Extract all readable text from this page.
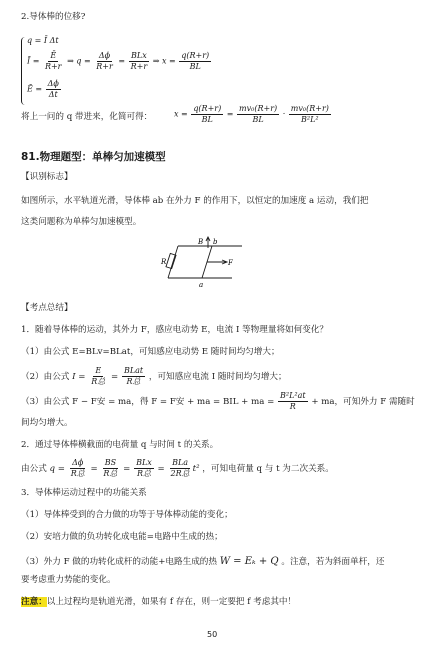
2.导体棒的位移?
q = Ī Δt
Ī = $\frac{Ē}{R+r}$ ⇒ $q = \frac{\Delta\phi}{R+r} = \frac{\text{BLx}}{R+r}$ ⇒ $x = \frac{q(R+r)}{BL}$
Ē = $\frac{\Delta\phi}{\Delta t}$
将上一问的 q 带进来，化简可得：	$x = \frac{q(R+r)}{BL} = \frac{\text{mv₀(R+r)}}{BL} \cdot \frac{\text{mv₀(R+r)}}{\text{B²L²}}$
81.物理题型：单棒匀加速模型
【识别标志】
如图所示，水平轨道光滑，导体棒 ab 在外力 F 的作用下，以恒定的加速度 a 运动，我们把
这类问题称为单棒匀加速模型。
R
B b
a
F
【考点总结】
1．随着导体棒的运动，其外力 F，感应电动势 E，电流 I 等物理量将如何变化？
（1）由公式 E=BLv=BLat，可知感应电动势 E 随时间均匀增大；
（2）由公式 $I = \frac{E}{\text{R总}} = \frac{\text{BLat}}{\text{R总}}$ ，可知感应电流 I 随时间均匀增大；
（3）由公式 F − F安 = ma，得 F = F安 + ma = BIL + ma = $\frac{\text{B²L²at}}{R}$ + ma，可知外力 F 需随时
间均匀增大。
2．通过导体棒横截面的电荷量 q 与时间 t 的关系。
由公式 $q = \frac{\Delta\phi}{\text{R总}} = \frac{BS}{\text{R总}} = \frac{\text{BLx}}{\text{R总}} = \frac{\text{BLa}}{\text{2R总}} t^2$ ，可知电荷量 q 与 t 为二次关系。
3．导体棒运动过程中的功能关系
（1）导体棒受到的合力做的功等于导体棒动能的变化；
（2）安培力做的负功转化成电能=电路中生成的热；
（3）外力 F 做的功转化成杆的动能+电路生成的热 W = Eₖ + Q 。注意，若为斜面单杆，还
要考虑重力势能的变化。
注意：以上过程均是轨道光滑，如果有 f 存在，则一定要把 f 考虑其中！
50
